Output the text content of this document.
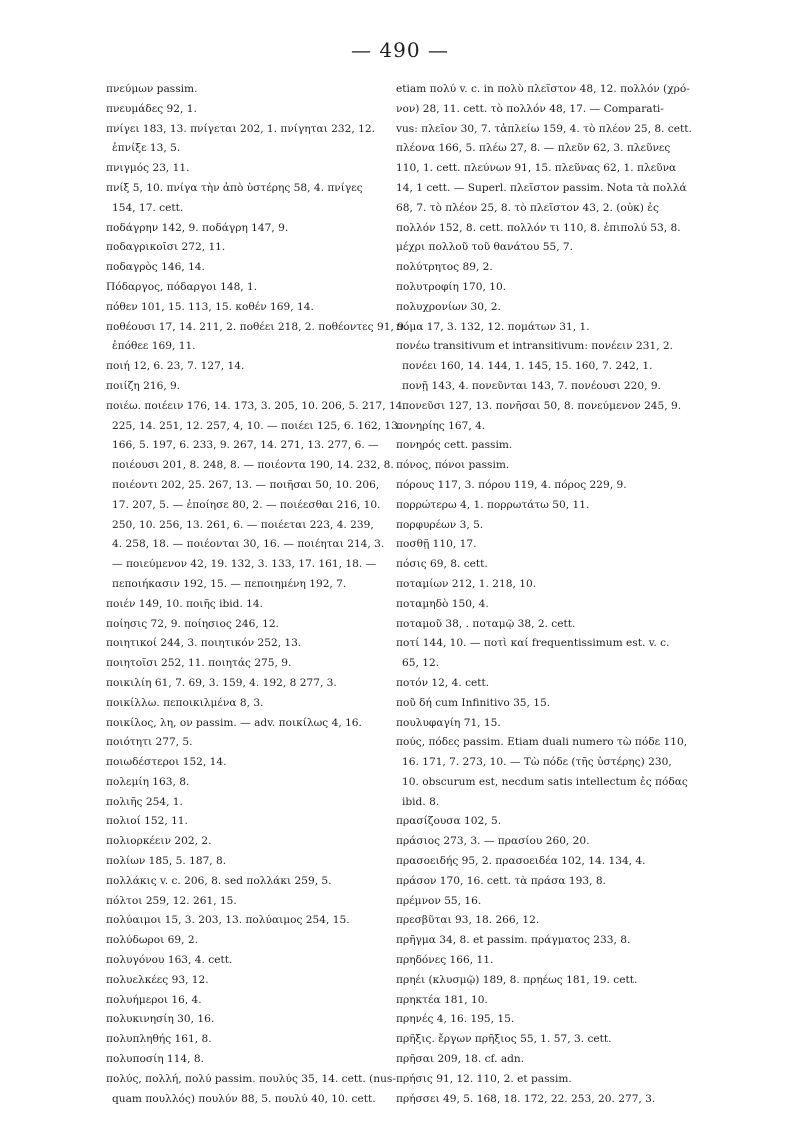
— 490 —
πνεύμων passim.
πνευμάδες 92, 1.
πνίγει 183, 13. πνίγεται 202, 1. πνίγηται 232, 12.
ἐπνίξε 13, 5.
πνιγμός 23, 11.
πνίξ 5, 10. πνίγα τὴν ἀπὸ ὑστέρης 58, 4. πνίγες
154, 17. cett.
ποδάγρην 142, 9. ποδάγρη 147, 9.
ποδαγρικοῖσι 272, 11.
ποδαγρὸς 146, 14.
Πόδαργος, πόδαργοι 148, 1.
πόθεν 101, 15. 113, 15. κοθέν 169, 14.
ποθέουσι 17, 14. 211, 2. ποθέει 218, 2. ποθέοντες 91, 9.
ἐπόθεε 169, 11.
ποιή 12, 6. 23, 7. 127, 14.
ποιίζη 216, 9.
ποιέω. ποιέειν 176, 14. 173, 3. 205, 10. 206, 5. 217, 14.
225, 14. 251, 12. 257, 4, 10. — ποιέει 125, 6. 162, 13.
166, 5. 197, 6. 233, 9. 267, 14. 271, 13. 277, 6. —
ποιέουσι 201, 8. 248, 8. — ποιέοντα 190, 14. 232, 8.
ποιέοντι 202, 25. 267, 13. — ποιῆσαι 50, 10. 206,
17. 207, 5. — ἐποίησε 80, 2. — ποιέεσθαι 216, 10.
250, 10. 256, 13. 261, 6. — ποιέεται 223, 4. 239,
4. 258, 18. — ποιέονται 30, 16. — ποιέηται 214, 3.
— ποιεύμενον 42, 19. 132, 3. 133, 17. 161, 18. —
πεποιήκασιν 192, 15. — πεποιημένη 192, 7.
ποιέν 149, 10. ποιῆς ibid. 14.
ποίησις 72, 9. ποίησιος 246, 12.
ποιητικοί 244, 3. ποιητικόν 252, 13.
ποιητοῖσι 252, 11. ποιητάς 275, 9.
ποικιλίη 61, 7. 69, 3. 159, 4. 192, 8 277, 3.
ποικίλλω. πεποικιλμένα 8, 3.
ποικίλος, λη, ον passim. — adv. ποικίλως 4, 16.
ποιότητι 277, 5.
ποιωδέστεροι 152, 14.
πολεμίη 163, 8.
πολιῆς 254, 1.
πολιοί 152, 11.
πολιορκέειν 202, 2.
πολίων 185, 5. 187, 8.
πολλάκις v. c. 206, 8. sed πολλάκι 259, 5.
πόλτοι 259, 12. 261, 15.
πολύαιμοι 15, 3. 203, 13. πολύαιμος 254, 15.
πολύδωροι 69, 2.
πολυγόνου 163, 4. cett.
πολυελκέες 93, 12.
πολυήμεροι 16, 4.
πολυκινησίη 30, 16.
πολυπληθής 161, 8.
πολυποσίη 114, 8.
πολύς, πολλή, πολύ passim. πουλύς 35, 14. cett. (nus-
quam πουλλός) πουλύν 88, 5. πουλύ 40, 10. cett.
etiam πολύ v. c. in πολὺ πλεῖστον 48, 12. πολλόν (χρό-
νον) 28, 11. cett. τὸ πολλόν 48, 17. — Comparati-
vus: πλεῖον 30, 7. τἀπλείω 159, 4. τὸ πλέον 25, 8. cett.
πλέονα 166, 5. πλέω 27, 8. — πλεῦν 62, 3. πλεῦνες
110, 1. cett. πλεύνων 91, 15. πλεῦνας 62, 1. πλεῦνα
14, 1 cett. — Superl. πλεῖστον passim. Nota τὰ πολλά
68, 7. τὸ πλέον 25, 8. τὸ πλεῖστον 43, 2. (οὐκ) ἐς
πολλόν 152, 8. cett. πολλόν τι 110, 8. ἐπιπολύ 53, 8.
μέχρι πολλοῦ τοῦ θανάτου 55, 7.
πολύτρητος 89, 2.
πολυτροφίη 170, 10.
πολυχρονίων 30, 2.
πόμα 17, 3. 132, 12. πομάτων 31, 1.
πονέω transitivum et intransitivum: πονέειν 231, 2.
πονέει 160, 14. 144, 1. 145, 15. 160, 7. 242, 1.
πονῇ 143, 4. πονεῦνται 143, 7. πονέουσι 220, 9.
πονεῦσι 127, 13. πονῆσαι 50, 8. πονεύμενον 245, 9.
πονηρίης 167, 4.
πονηρός cett. passim.
πόνος, πόνοι passim.
πόρους 117, 3. πόρου 119, 4. πόρος 229, 9.
πορρώτερω 4, 1. πορρωτάτω 50, 11.
πορφυρέων 3, 5.
ποσθῇ 110, 17.
πόσις 69, 8. cett.
ποταμίων 212, 1. 218, 10.
ποταμηδὸ 150, 4.
ποταμοῦ 38, . ποταμῷ 38, 2. cett.
ποτί 144, 10. — ποτὶ καί frequentissimum est. v. c.
65, 12.
ποτόν 12, 4. cett.
ποῦ δή cum Infinitivo 35, 15.
πουλυφαγίη 71, 15.
πούς, πόδες passim. Etiam duali numero τὼ πόδε 110,
16. 171, 7. 273, 10. — Τὼ πόδε (τῆς ὑστέρης) 230,
10. obscurum est, necdum satis intellectum ἐς πόδας
ibid. 8.
πρασίζουσα 102, 5.
πράσιος 273, 3. — πρασίου 260, 20.
πρασοειδής 95, 2. πρασοειδέα 102, 14. 134, 4.
πράσον 170, 16. cett. τὰ πράσα 193, 8.
πρέμνον 55, 16.
πρεσβῦται 93, 18. 266, 12.
πρῆγμα 34, 8. et passim. πράγματος 233, 8.
πρηδόνες 166, 11.
πρηέι (κλυσμῷ) 189, 8. πρηέως 181, 19. cett.
πρηκτέα 181, 10.
πρηνές 4, 16. 195, 15.
πρῆξις. ἔργων πρῆξιος 55, 1. 57, 3. cett.
πρῆσαι 209, 18. cf. adn.
πρήσις 91, 12. 110, 2. et passim.
πρήσσει 49, 5. 168, 18. 172, 22. 253, 20. 277, 3.
